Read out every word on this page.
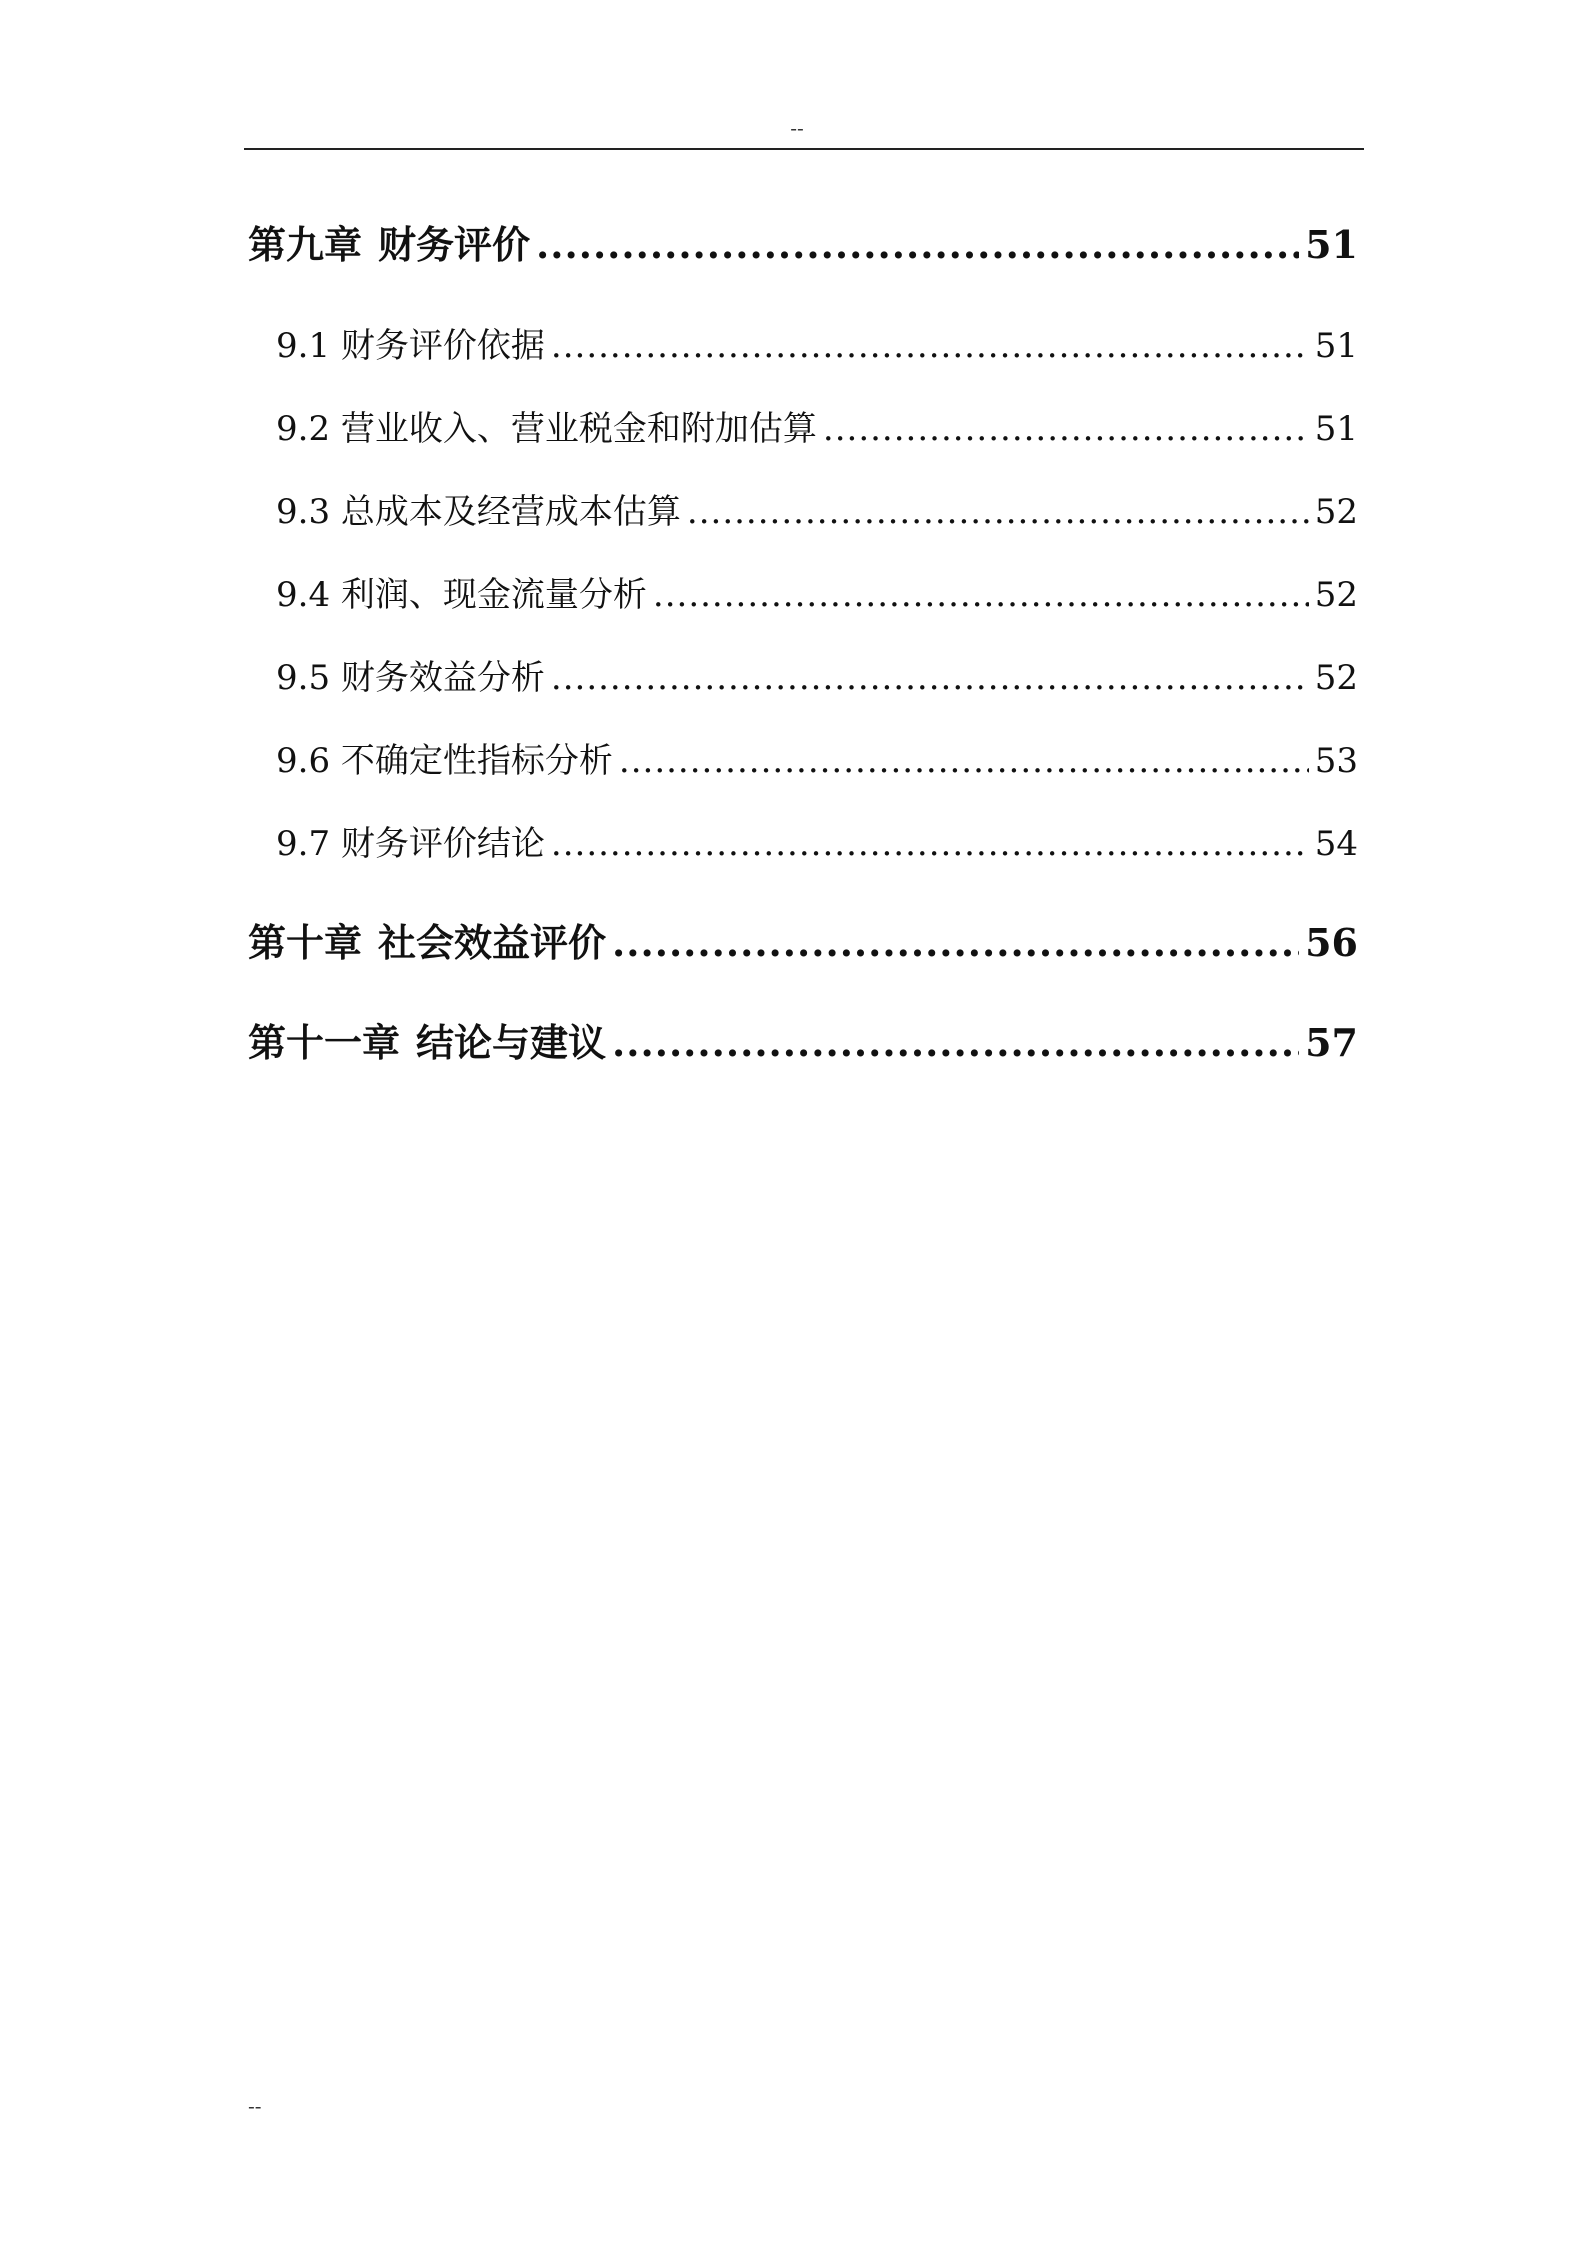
--
第九章 财务评价 .....	51
9.1 财务评价依据 .....	51
9.2 营业收入、营业税金和附加估算 .....	51
9.3 总成本及经营成本估算 .....	52
9.4 利润、现金流量分析 .....	52
9.5 财务效益分析 .....	52
9.6 不确定性指标分析 .....	53
9.7 财务评价结论 .....	54
第十章 社会效益评价 .....	56
第十一章 结论与建议 .....	57
--
